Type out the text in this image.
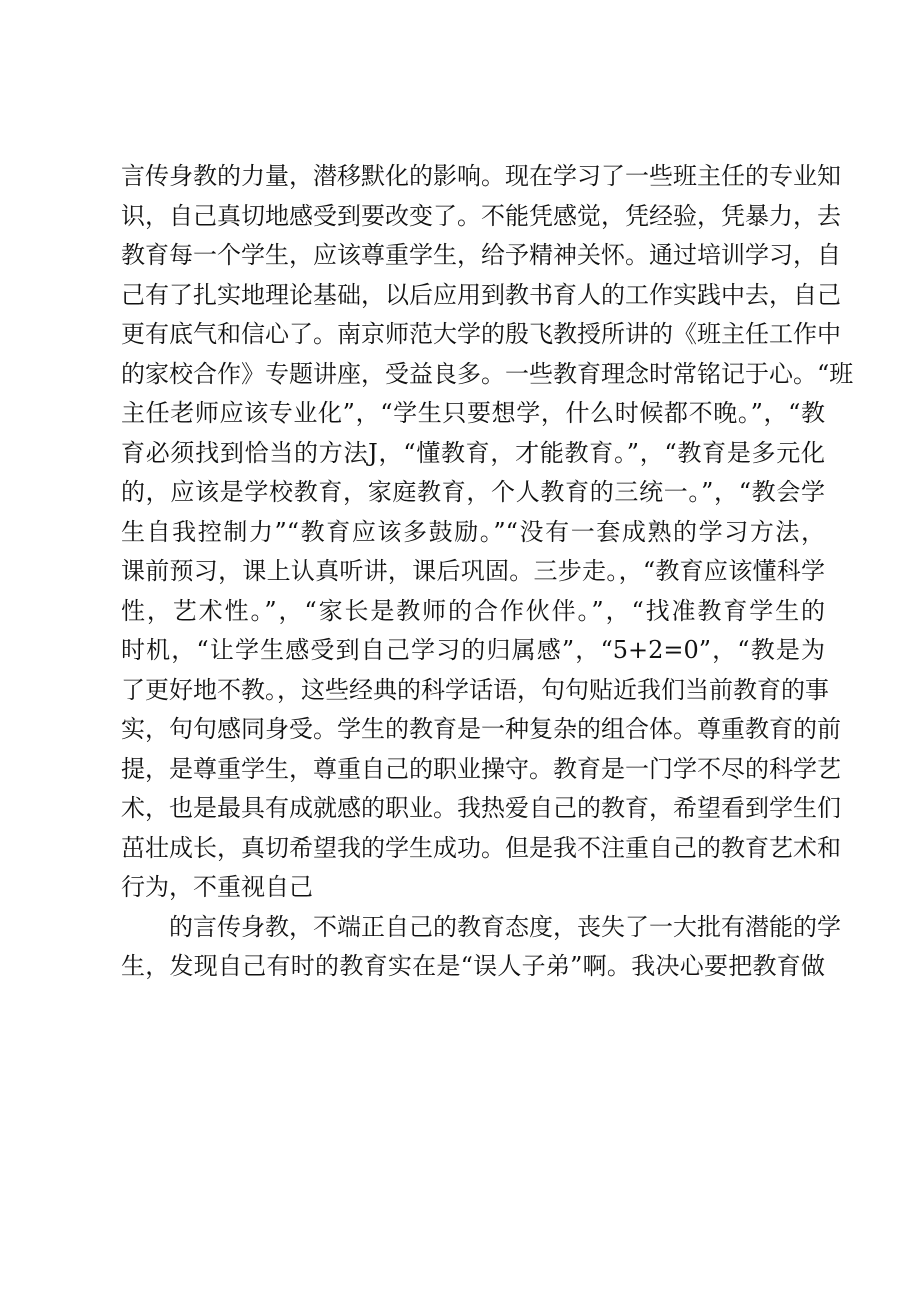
言传身教的力量，潜移默化的影响。现在学习了一些班主任的专业知
识，自己真切地感受到要改变了。不能凭感觉，凭经验，凭暴力，去
教育每一个学生，应该尊重学生，给予精神关怀。通过培训学习，自
己有了扎实地理论基础，以后应用到教书育人的工作实践中去，自己
更有底气和信心了。南京师范大学的殷飞教授所讲的《班主任工作中
的家校合作》专题讲座，受益良多。一些教育理念时常铭记于心。“班
主任老师应该专业化”，“学生只要想学，什么时候都不晚。”，“教
育必须找到恰当的方法J，“懂教育，才能教育。”，“教育是多元化
的，应该是学校教育，家庭教育，个人教育的三统一。”，“教会学
生自我控制力”“教育应该多鼓励。”“没有一套成熟的学习方法，
课前预习，课上认真听讲，课后巩固。三步走。，“教育应该懂科学
性，艺术性。”，“家长是教师的合作伙伴。”，“找准教育学生的
时机，“让学生感受到自己学习的归属感”，“5+2=0”，“教是为
了更好地不教。，这些经典的科学话语，句句贴近我们当前教育的事
实，句句感同身受。学生的教育是一种复杂的组合体。尊重教育的前
提，是尊重学生，尊重自己的职业操守。教育是一门学不尽的科学艺
术，也是最具有成就感的职业。我热爱自己的教育，希望看到学生们
茁壮成长，真切希望我的学生成功。但是我不注重自己的教育艺术和
行为，不重视自己
的言传身教，不端正自己的教育态度，丧失了一大批有潜能的学
生，发现自己有时的教育实在是“误人子弟”啊。我决心要把教育做
